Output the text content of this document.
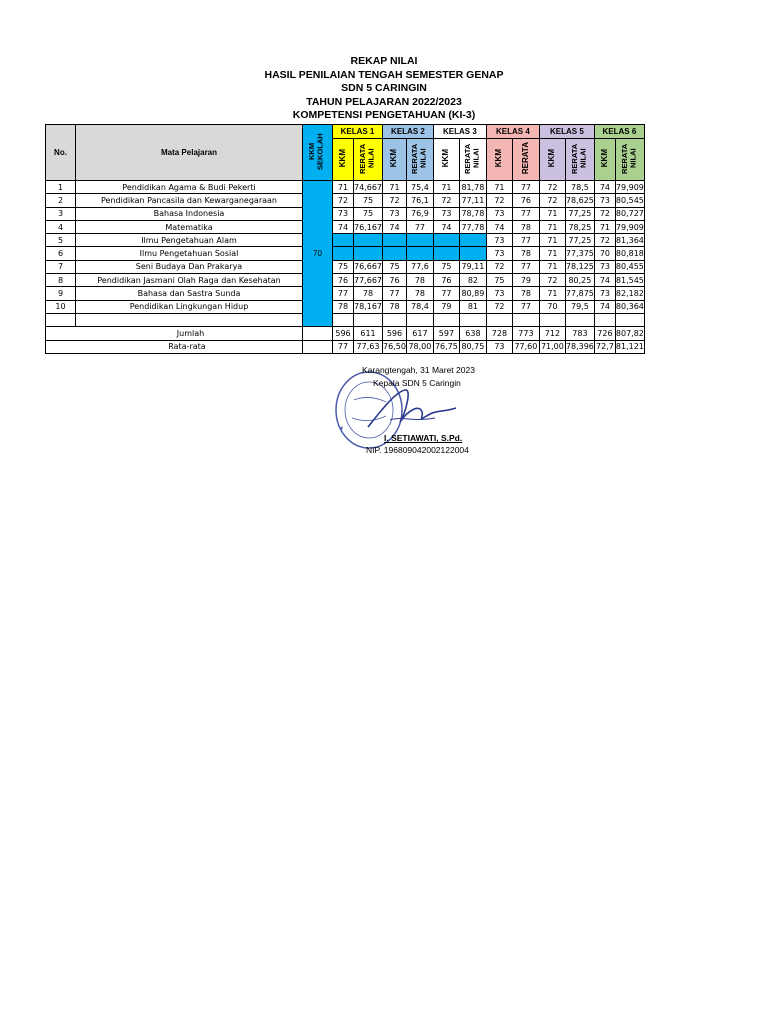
REKAP NILAI
HASIL PENILAIAN TENGAH SEMESTER GENAP
SDN 5 CARINGIN
TAHUN PELAJARAN 2022/2023
KOMPETENSI PENGETAHUAN (KI-3)
No.	Mata Pelajaran	KKM SEKOLAH	KELAS 1		KELAS 2		KELAS 3		KELAS 4		KELAS 5		KELAS 6	
			KKM	RERATA NILAI	KKM	RERATA NILAI	KKM	RERATA NILAI	KKM	RERATA	KKM	RERATA NILAI	KKM	RERATA NILAI
1	Pendidikan Agama & Budi Pekerti	70	71	74,667	71	75,4	71	81,78	71	77	72	78,5	74	79,909
2	Pendidikan Pancasila dan Kewarganegaraan		72	75	72	76,1	72	77,11	72	76	72	78,625	73	80,545
3	Bahasa Indonesia		73	75	73	76,9	73	78,78	73	77	71	77,25	72	80,727
4	Matematika		74	76,167	74	77	74	77,78	74	78	71	78,25	71	79,909
5	Ilmu Pengetahuan Alam								73	77	71	77,25	72	81,364
6	Ilmu Pengetahuan Sosial								73	78	71	77,375	70	80,818
7	Seni Budaya Dan Prakarya		75	76,667	75	77,6	75	79,11	72	77	71	78,125	73	80,455
8	Pendidikan Jasmani Olah Raga dan Kesehatan		76	77,667	76	78	76	82	75	79	72	80,25	74	81,545
9	Bahasa dan Sastra Sunda		77	78	77	78	77	80,89	73	78	71	77,875	73	82,182
10	Pendidikan Lingkungan Hidup		78	78,167	78	78,4	79	81	72	77	70	79,5	74	80,364

Jumlah			596	611	596	617	597	638	728	773	712	783	726	807,82
Rata-rata			77	77,63	76,50	78,00	76,75	80,75	73	77,60	71,00	78,396	72,7	81,121
Karangtengah, 31 Maret 2023
Kepala SDN 5 Caringin
I. SETIAWATI, S.Pd.
NIP. 196809042002122004
